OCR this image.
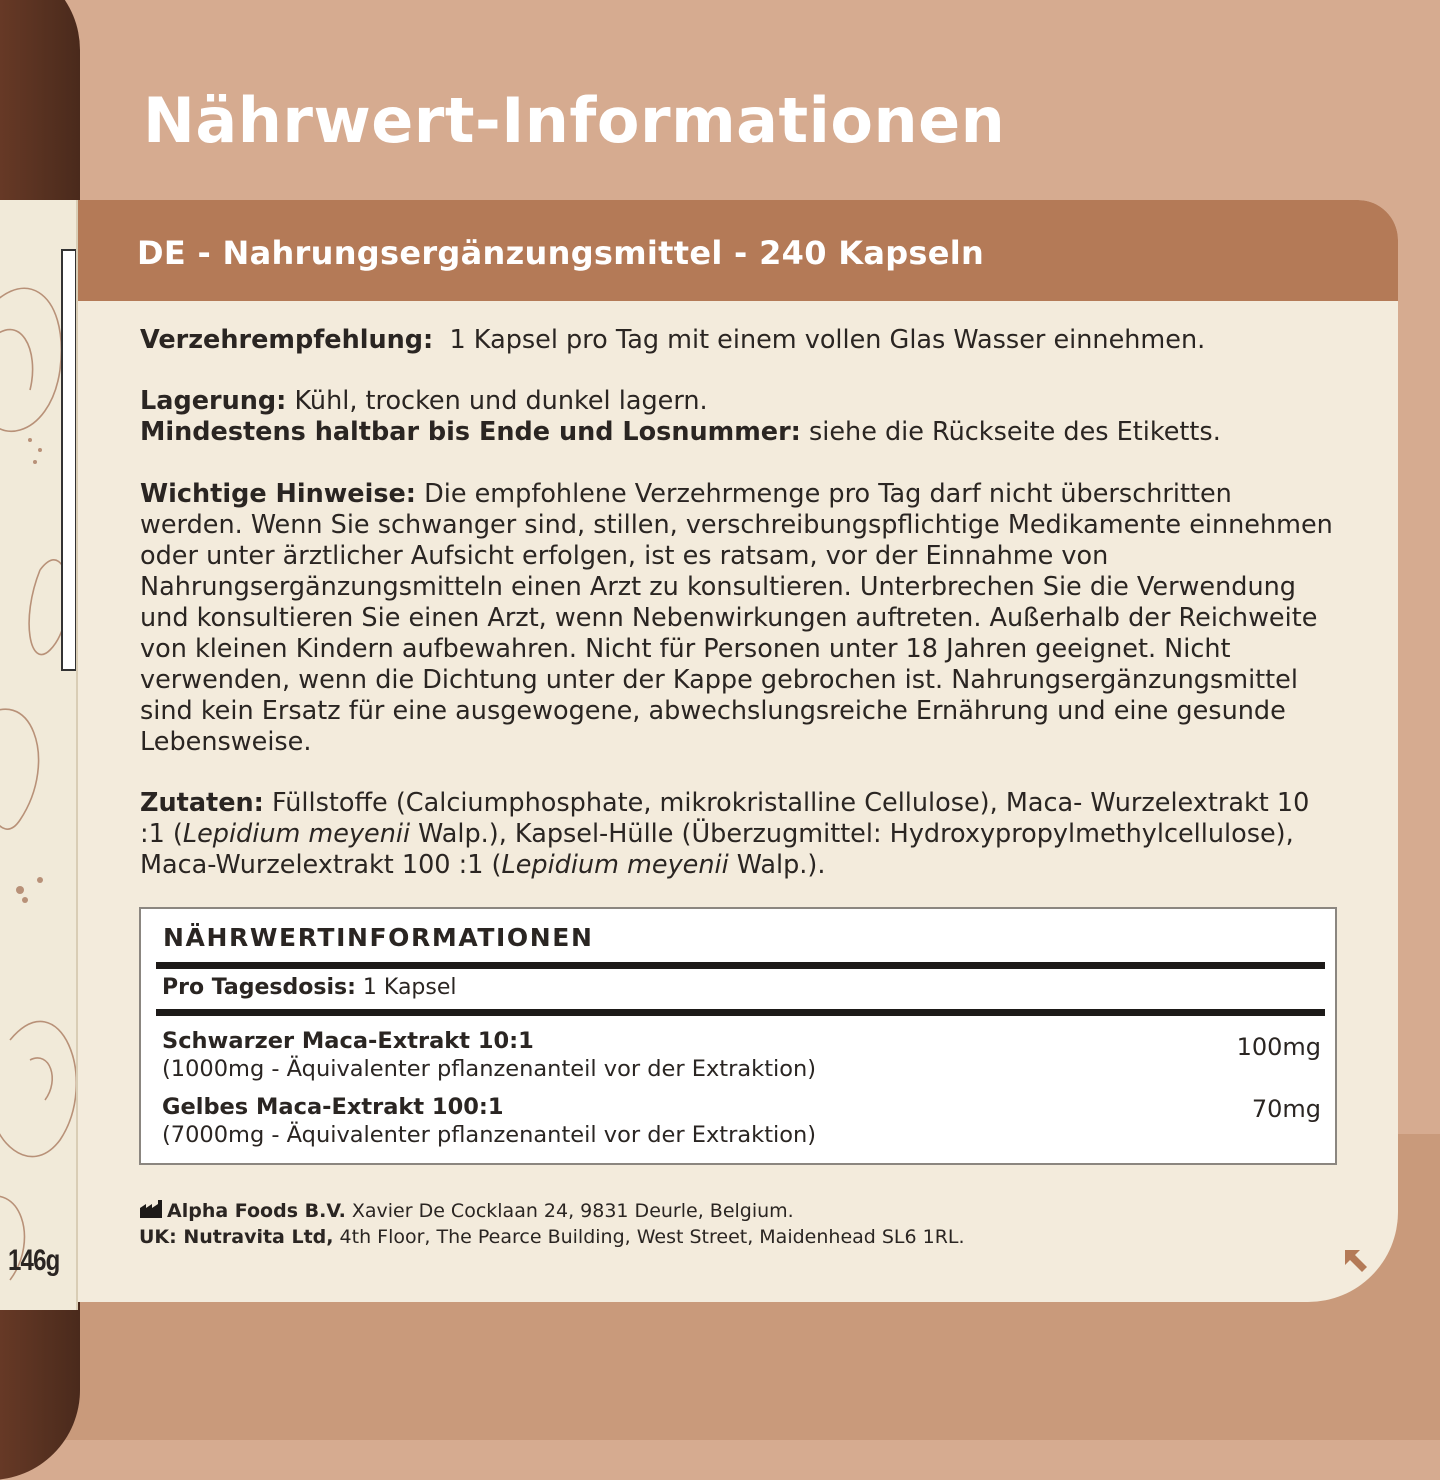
146g
Nährwert-Informationen
DE - Nahrungsergänzungsmittel - 240 Kapseln
Verzehrempfehlung: 1 Kapsel pro Tag mit einem vollen Glas Wasser einnehmen.
Lagerung: Kühl, trocken und dunkel lagern.
Mindestens haltbar bis Ende und Losnummer: siehe die Rückseite des Etiketts.
Wichtige Hinweise: Die empfohlene Verzehrmenge pro Tag darf nicht überschritten werden. Wenn Sie schwanger sind, stillen, verschreibungspflichtige Medikamente einnehmen oder unter ärztlicher Aufsicht erfolgen, ist es ratsam, vor der Einnahme von Nahrungsergänzungsmitteln einen Arzt zu konsultieren. Unterbrechen Sie die Verwendung und konsultieren Sie einen Arzt, wenn Nebenwirkungen auftreten. Außerhalb der Reichweite von kleinen Kindern aufbewahren. Nicht für Personen unter 18 Jahren geeignet. Nicht verwenden, wenn die Dichtung unter der Kappe gebrochen ist. Nahrungsergänzungsmittel sind kein Ersatz für eine ausgewogene, abwechslungsreiche Ernährung und eine gesunde Lebensweise.
Zutaten: Füllstoffe (Calciumphosphate, mikrokristalline Cellulose), Maca- Wurzelextrakt 10 :1 (Lepidium meyenii Walp.), Kapsel-Hülle (Überzugmittel: Hydroxypropylmethylcellulose), Maca-Wurzelextrakt 100 :1 (Lepidium meyenii Walp.).
NÄHRWERTINFORMATIONEN
Pro Tagesdosis: 1 Kapsel
Schwarzer Maca-Extrakt 10:1
(1000mg - Äquivalenter pflanzenanteil vor der Extraktion)
100mg
Gelbes Maca-Extrakt 100:1
(7000mg - Äquivalenter pflanzenanteil vor der Extraktion)
70mg
Alpha Foods B.V. Xavier De Cocklaan 24, 9831 Deurle, Belgium.
UK: Nutravita Ltd, 4th Floor, The Pearce Building, West Street, Maidenhead SL6 1RL.
